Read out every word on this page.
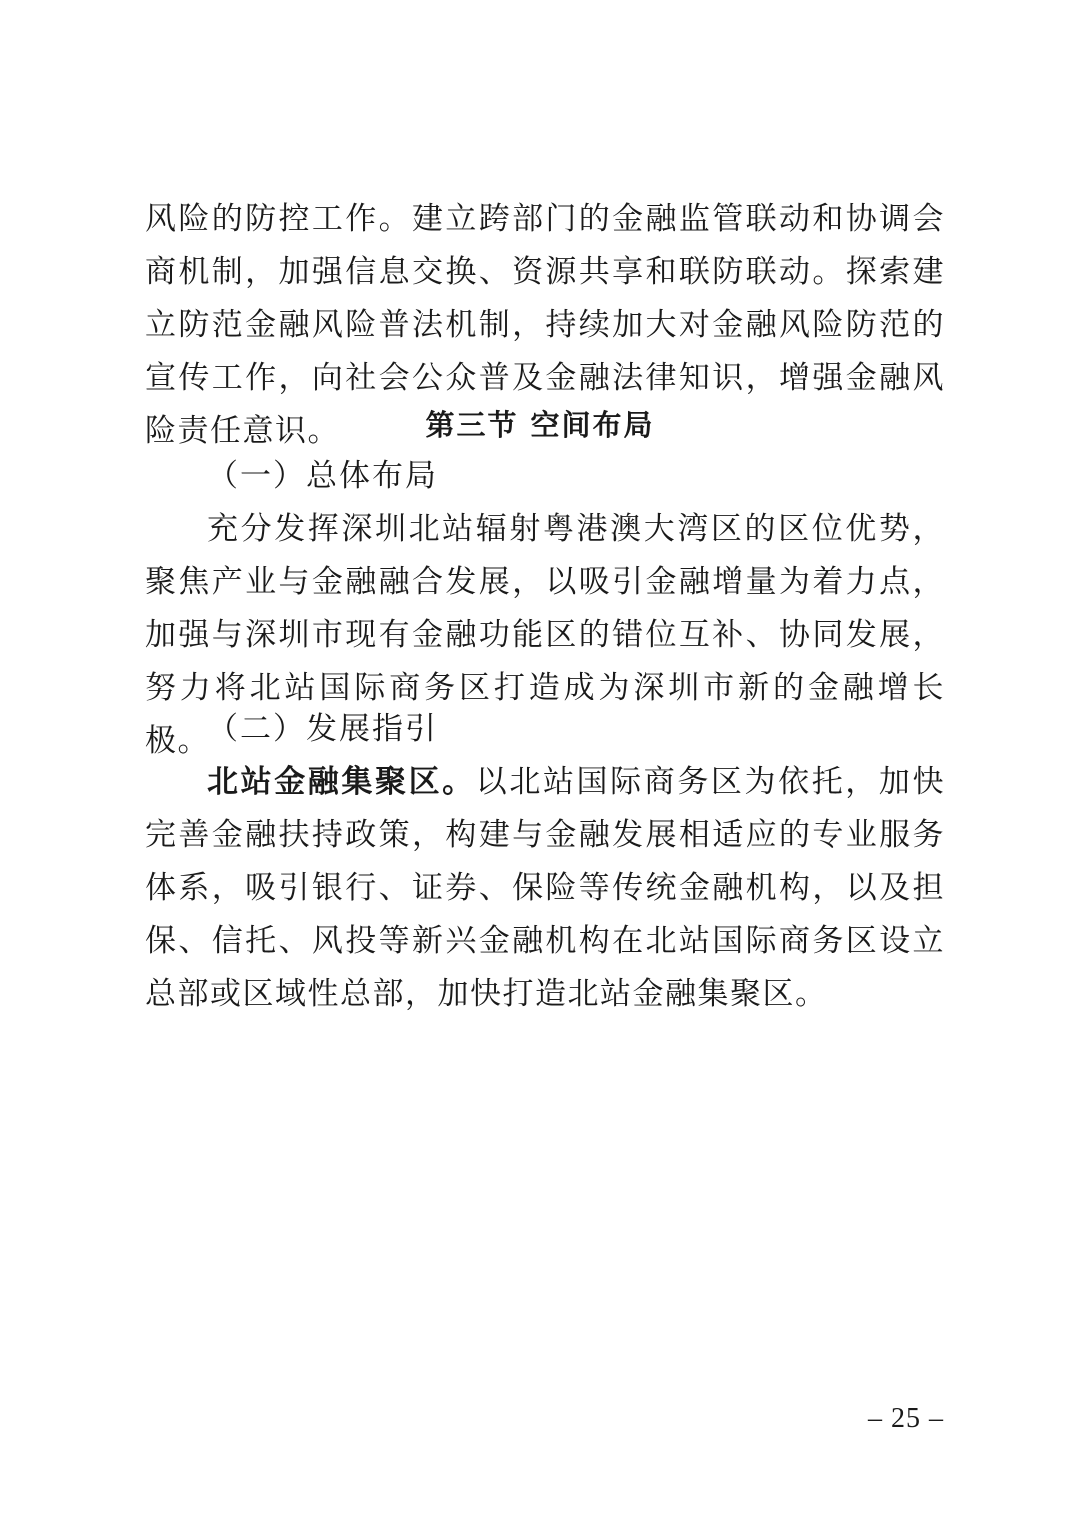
风险的防控工作。建立跨部门的金融监管联动和协调会商机制，加强信息交换、资源共享和联防联动。探索建立防范金融风险普法机制，持续加大对金融风险防范的宣传工作，向社会公众普及金融法律知识，增强金融风险责任意识。	第三节 空间布局
（一）总体布局

充分发挥深圳北站辐射粤港澳大湾区的区位优势，聚焦产业与金融融合发展，以吸引金融增量为着力点，加强与深圳市现有金融功能区的错位互补、协同发展，努力将北站国际商务区打造成为深圳市新的金融增长极。

（二）发展指引

北站金融集聚区。以北站国际商务区为依托，加快完善金融扶持政策，构建与金融发展相适应的专业服务体系，吸引银行、证券、保险等传统金融机构，以及担保、信托、风投等新兴金融机构在北站国际商务区设立总部或区域性总部，加快打造北站金融集聚区。

– 25 –
